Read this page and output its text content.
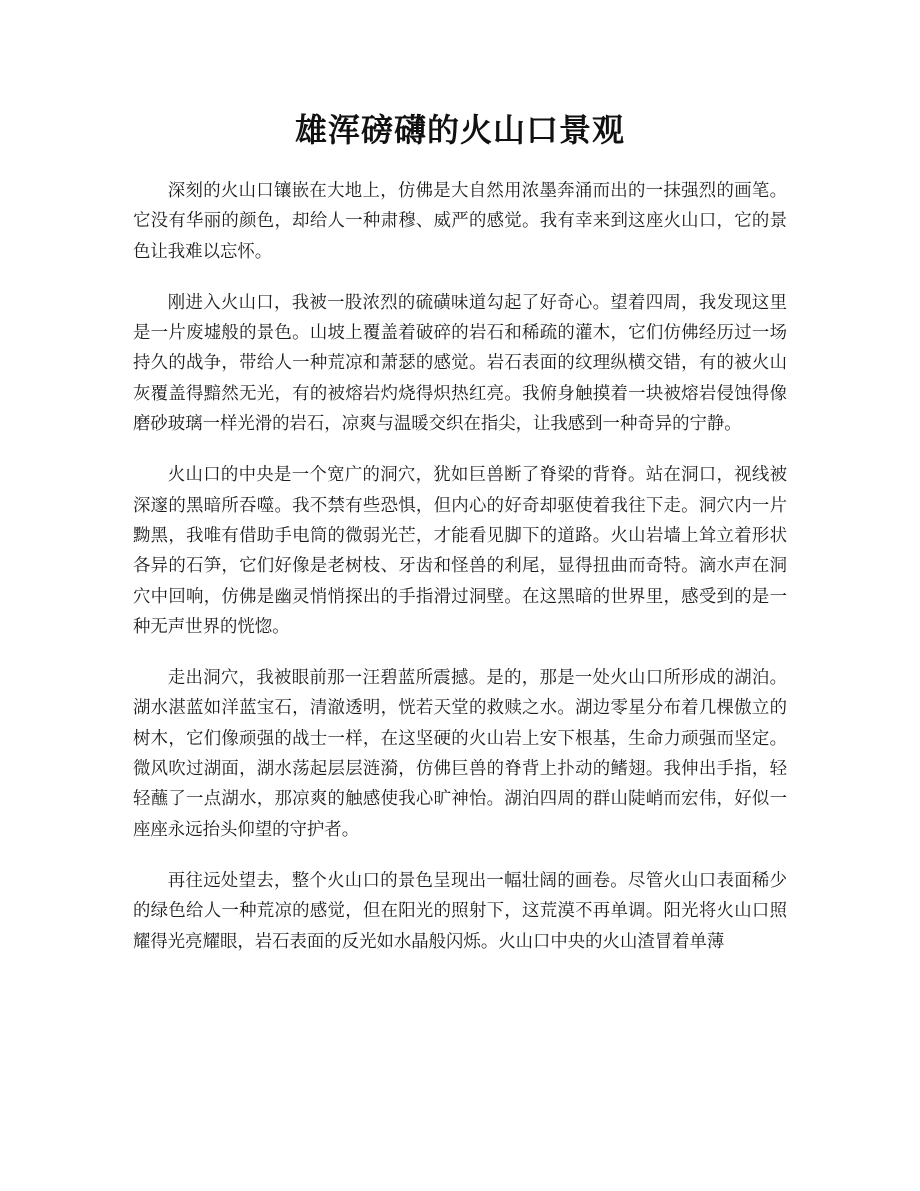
雄浑磅礴的火山口景观

深刻的火山口镶嵌在大地上，仿佛是大自然用浓墨奔涌而出的一抹强烈的画笔。它没有华丽的颜色，却给人一种肃穆、威严的感觉。我有幸来到这座火山口，它的景色让我难以忘怀。

刚进入火山口，我被一股浓烈的硫磺味道勾起了好奇心。望着四周，我发现这里是一片废墟般的景色。山坡上覆盖着破碎的岩石和稀疏的灌木，它们仿佛经历过一场持久的战争，带给人一种荒凉和萧瑟的感觉。岩石表面的纹理纵横交错，有的被火山灰覆盖得黯然无光，有的被熔岩灼烧得炽热红亮。我俯身触摸着一块被熔岩侵蚀得像磨砂玻璃一样光滑的岩石，凉爽与温暖交织在指尖，让我感到一种奇异的宁静。

火山口的中央是一个宽广的洞穴，犹如巨兽断了脊梁的背脊。站在洞口，视线被深邃的黑暗所吞噬。我不禁有些恐惧，但内心的好奇却驱使着我往下走。洞穴内一片黝黑，我唯有借助手电筒的微弱光芒，才能看见脚下的道路。火山岩墙上耸立着形状各异的石笋，它们好像是老树枝、牙齿和怪兽的利尾，显得扭曲而奇特。滴水声在洞穴中回响，仿佛是幽灵悄悄探出的手指滑过洞壁。在这黑暗的世界里，感受到的是一种无声世界的恍惚。

走出洞穴，我被眼前那一汪碧蓝所震撼。是的，那是一处火山口所形成的湖泊。湖水湛蓝如洋蓝宝石，清澈透明，恍若天堂的救赎之水。湖边零星分布着几棵傲立的树木，它们像顽强的战士一样，在这坚硬的火山岩上安下根基，生命力顽强而坚定。微风吹过湖面，湖水荡起层层涟漪，仿佛巨兽的脊背上扑动的鳍翅。我伸出手指，轻轻蘸了一点湖水，那凉爽的触感使我心旷神怡。湖泊四周的群山陡峭而宏伟，好似一座座永远抬头仰望的守护者。

再往远处望去，整个火山口的景色呈现出一幅壮阔的画卷。尽管火山口表面稀少的绿色给人一种荒凉的感觉，但在阳光的照射下，这荒漠不再单调。阳光将火山口照耀得光亮耀眼，岩石表面的反光如水晶般闪烁。火山口中央的火山渣冒着单薄
